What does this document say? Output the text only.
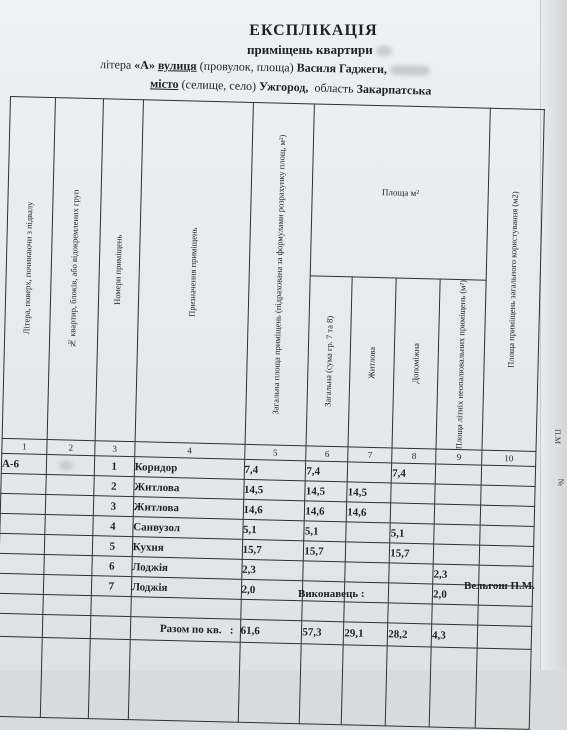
П.М
№
ЕКСПЛІКАЦІЯ
приміщень квартири
літера «А» вулиця (провулок, площа) Василя Гаджеги,
місто (селище, село) Ужгород, область Закарпатська
Літера, поверх, починаючи з підвалу	№ квартир, блоків, або відокремлених груп	Номери приміщень	Призначення приміщень	Загальна площа приміщень (підрахована за формулами розрахунку площ, м²)	Площа м²				Площа приміщень загального користування (м2)

					Загальна (сума гр. 7 та 8)	Житлова	Допоміжна	Площа літніх неопалювальних приміщень (м²)	

1	2	3	4	5	6	7	8	9	10
А-6		1	Коридор	7,4	7,4		7,4		
		2	Житлова	14,5	14,5	14,5			
		3	Житлова	14,6	14,6	14,6			
		4	Санвузол	5,1	5,1		5,1		
		5	Кухня	15,7	15,7		15,7		
		6	Лоджія	2,3				2,3	
		7	Лоджія	2,0				2,0	

			Разом по кв. :	61,6	57,3	29,1	28,2	4,3	

Виконавець :
Вельгош П.М.
